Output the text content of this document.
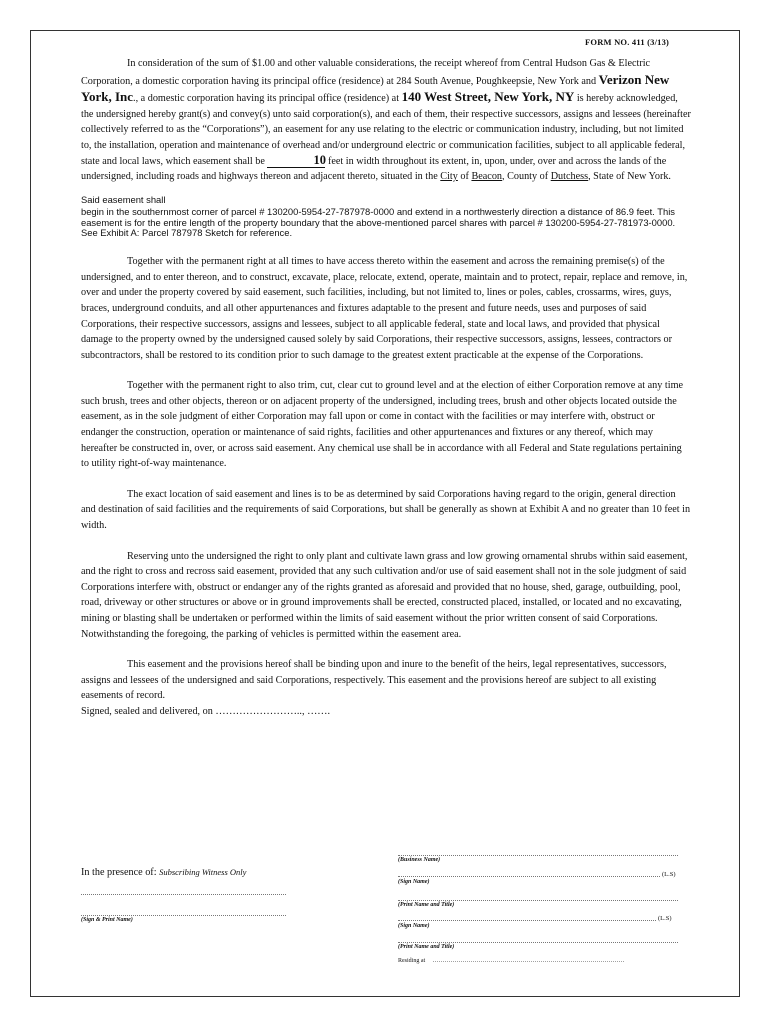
FORM NO. 411 (3/13)

In consideration of the sum of $1.00 and other valuable considerations, the receipt whereof from Central Hudson Gas & Electric Corporation, a domestic corporation having its principal office (residence) at 284 South Avenue, Poughkeepsie, New York and Verizon New York, Inc., a domestic corporation having its principal office (residence) at 140 West Street, New York, NY is hereby acknowledged, the undersigned hereby grant(s) and convey(s) unto said corporation(s), and each of them, their respective successors, assigns and lessees (hereinafter collectively referred to as the “Corporations”), an easement for any use relating to the electric or communication industry, including, but not limited to, the installation, operation and maintenance of overhead and/or underground electric or communication facilities, subject to all applicable federal, state and local laws, which easement shall be	10 feet in width throughout its extent, in, upon, under, over and across the lands of the undersigned, including roads and highways thereon and adjacent thereto, situated in the City of Beacon, County of Dutchess, State of New York.

Said easement shall

begin in the southernmost corner of parcel # 130200-5954-27-787978-0000 and extend in a northwesterly direction a distance of 86.9 feet. This easement is for the entire length of the property boundary that the above-mentioned parcel shares with parcel # 130200-5954-27-781973-0000. See Exhibit A: Parcel 787978 Sketch for reference.

Together with the permanent right at all times to have access thereto within the easement and across the remaining premise(s) of the undersigned, and to enter thereon, and to construct, excavate, place, relocate, extend, operate, maintain and to protect, repair, replace and remove, in, over and under the property covered by said easement, such facilities, including, but not limited to, lines or poles, cables, crossarms, wires, guys, braces, underground conduits, and all other appurtenances and fixtures adaptable to the present and future needs, uses and purposes of said Corporations, their respective successors, assigns and lessees, subject to all applicable federal, state and local laws, and provided that physical damage to the property owned by the undersigned caused solely by said Corporations, their respective successors, assigns, lessees, contractors or subcontractors, shall be restored to its condition prior to such damage to the greatest extent practicable at the expense of the Corporations.

Together with the permanent right to also trim, cut, clear cut to ground level and at the election of either Corporation remove at any time such brush, trees and other objects, thereon or on adjacent property of the undersigned, including trees, brush and other objects located outside the easement, as in the sole judgment of either Corporation may fall upon or come in contact with the facilities or may interfere with, obstruct or endanger the construction, operation or maintenance of said rights, facilities and other appurtenances and fixtures or any thereof, which may hereafter be constructed in, over, or across said easement. Any chemical use shall be in accordance with all Federal and State regulations pertaining to utility right-of-way maintenance.

The exact location of said easement and lines is to be as determined by said Corporations having regard to the origin, general direction and destination of said facilities and the requirements of said Corporations, but shall be generally as shown at Exhibit A and no greater than 10 feet in width.

Reserving unto the undersigned the right to only plant and cultivate lawn grass and low growing ornamental shrubs within said easement, and the right to cross and recross said easement, provided that any such cultivation and/or use of said easement shall not in the sole judgment of said Corporations interfere with, obstruct or endanger any of the rights granted as aforesaid and provided that no house, shed, garage, outbuilding, pool, road, driveway or other structures or above or in ground improvements shall be erected, constructed placed, installed, or located and no excavating, mining or blasting shall be undertaken or performed within the limits of said easement without the prior written consent of said Corporations. Notwithstanding the foregoing, the parking of vehicles is permitted within the easement area.

This easement and the provisions hereof shall be binding upon and inure to the benefit of the heirs, legal representatives, successors, assigns and lessees of the undersigned and said Corporations, respectively. This easement and the provisions hereof are subject to all existing easements of record.

Signed, sealed and delivered, on …………………….., …….

(Business Name)
In the presence of: Subscribing Witness Only	(L.S)
(Sign Name)
(Print Name and Title)
(Sign & Print Name)	(L.S)
(Sign Name)
(Print Name and Title)
Residing at ……………………………………………………………………………………
